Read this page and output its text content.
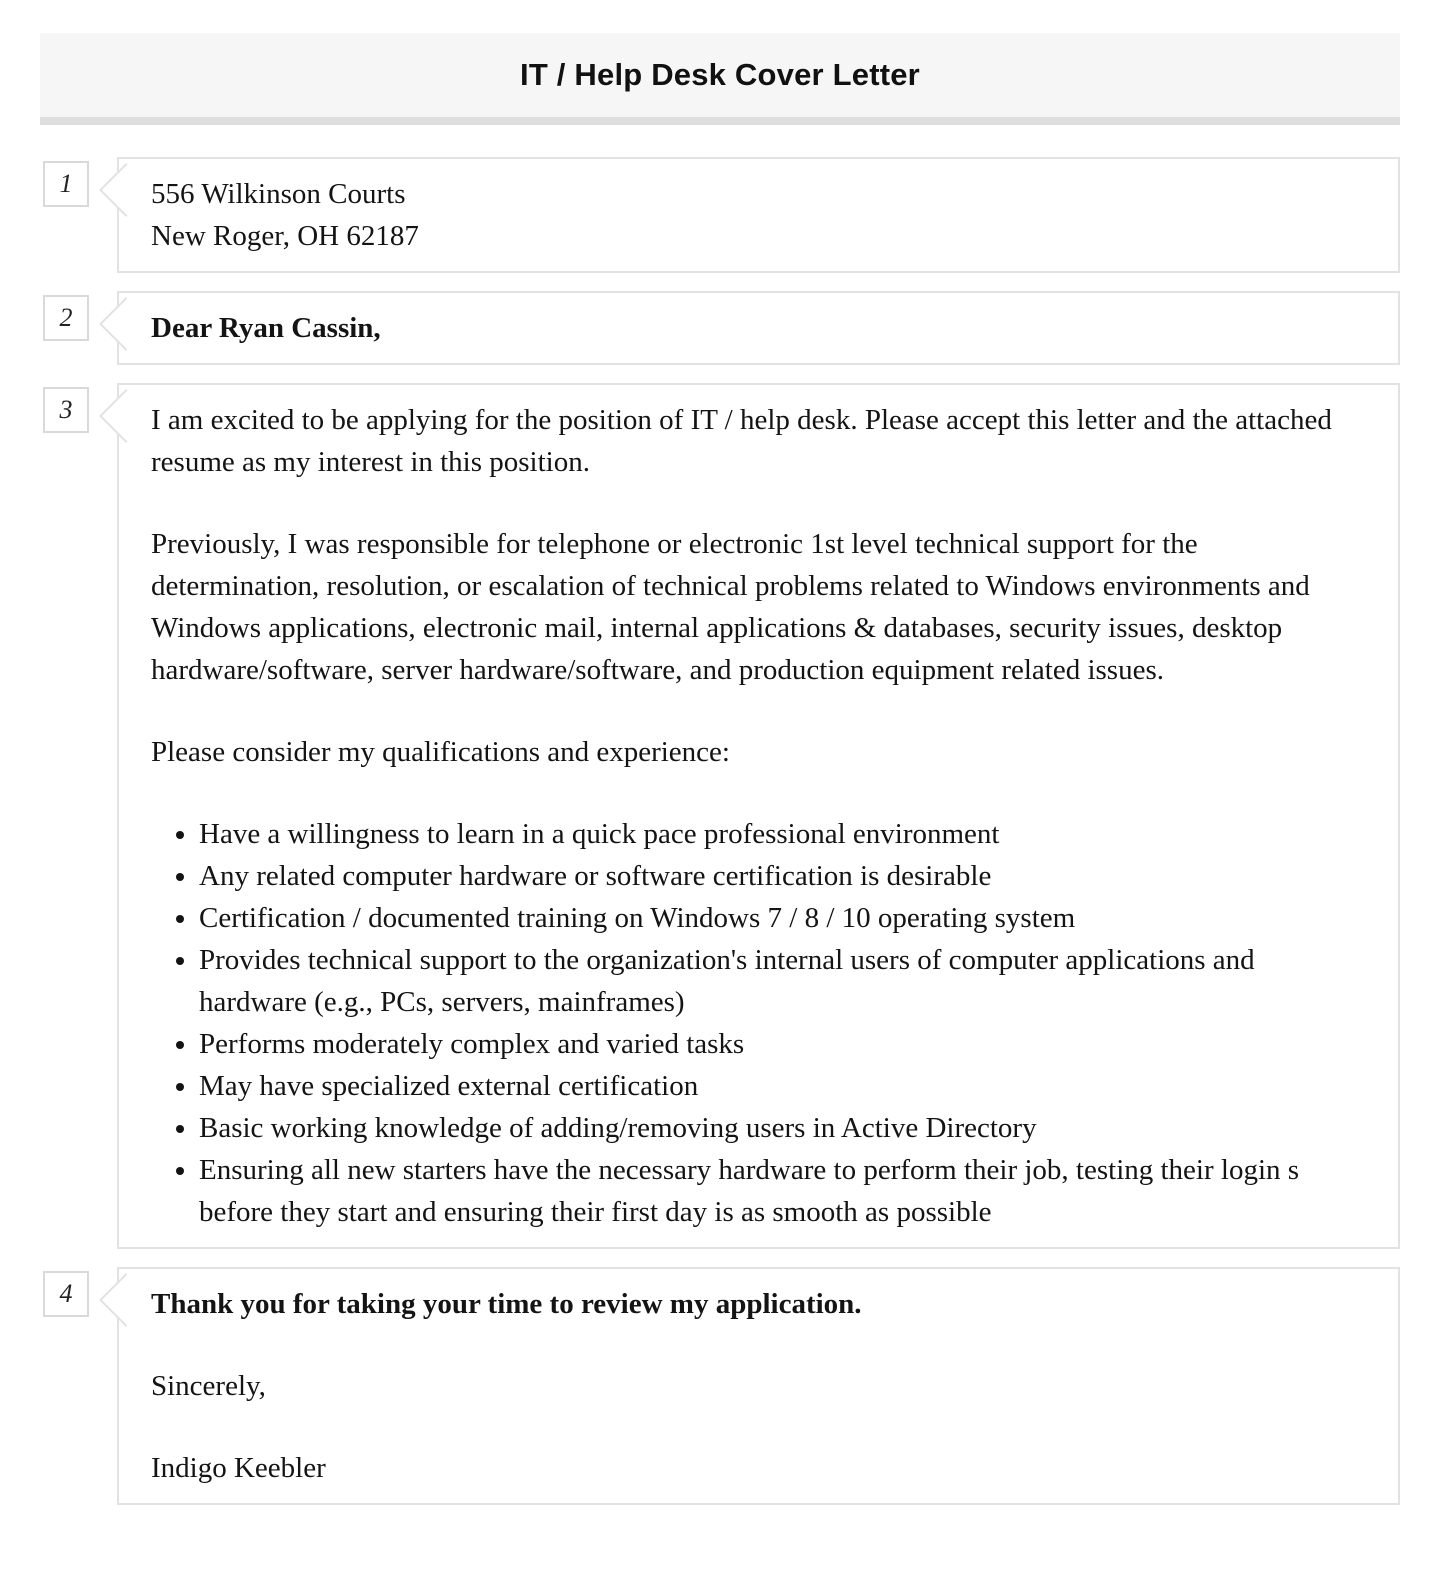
IT / Help Desk Cover Letter
1	556 Wilkinson Courts

New Roger, OH 62187

2	Dear Ryan Cassin,

3	I am excited to be applying for the position of IT / help desk. Please accept this letter and the attached resume as my interest in this position.

Previously, I was responsible for telephone or electronic 1st level technical support for the determination, resolution, or escalation of technical problems related to Windows environments and Windows applications, electronic mail, internal applications & databases, security issues, desktop hardware/software, server hardware/software, and production equipment related issues.

Please consider my qualifications and experience:

• Have a willingness to learn in a quick pace professional environment
• Any related computer hardware or software certification is desirable
• Certification / documented training on Windows 7 / 8 / 10 operating system
• Provides technical support to the organization's internal users of computer applications and hardware (e.g., PCs, servers, mainframes)
• Performs moderately complex and varied tasks
• May have specialized external certification
• Basic working knowledge of adding/removing users in Active Directory
• Ensuring all new starters have the necessary hardware to perform their job, testing their login s before they start and ensuring their first day is as smooth as possible
4	Thank you for taking your time to review my application.

Sincerely,

Indigo Keebler
